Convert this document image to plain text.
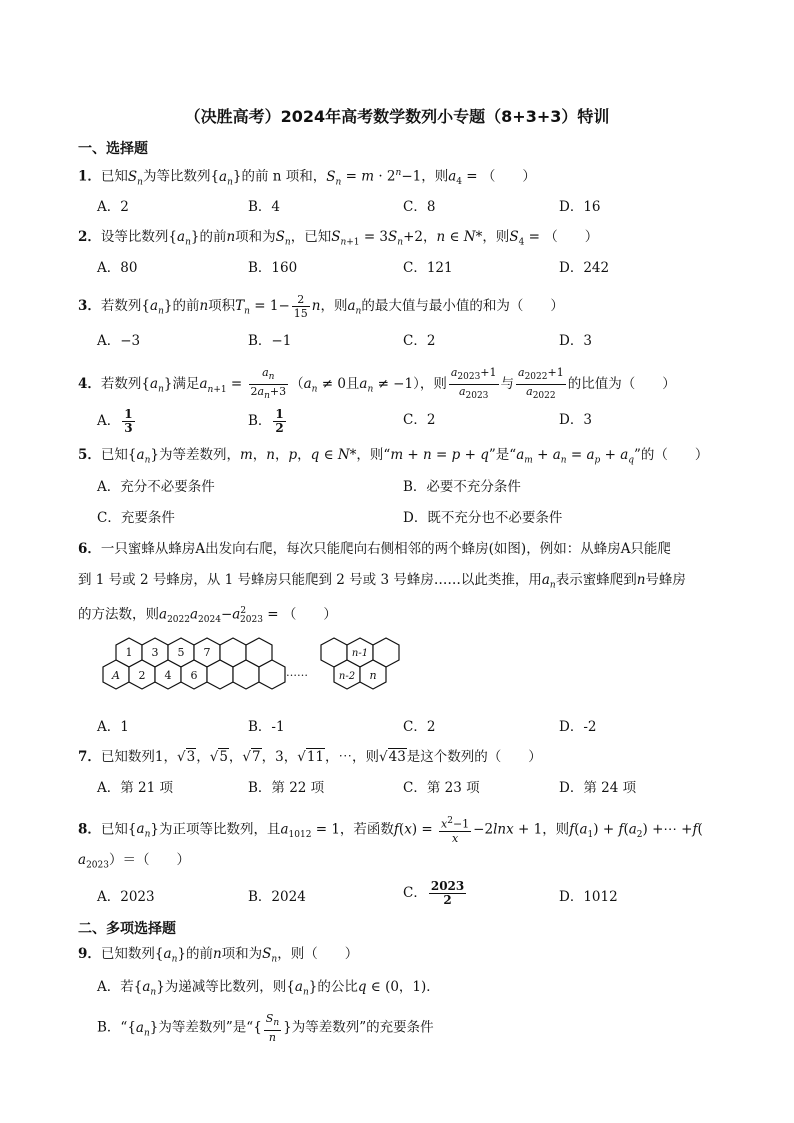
（决胜高考）2024年高考数学数列小专题（8+3+3）特训
一、选择题
1．已知$S_n$为等比数列$\{a_n\}$的前 n 项和，$S_n = m \cdot 2^n-1$，则$a_4$ = （　　）
A．2	B．4	C．8	D．16
2．设等比数列$\{a_n\}$的前n项和为$S_n$，已知$S_{n+1} = 3S_n+2$，n ∈ N*，则$S_4$ = （　　）
A．80	B．160	C．121	D．242
3．若数列$\{a_n\}$的前n项积$T_n = 1- \frac{2}{15}$ n，则$a_n$的最大值与最小值的和为（　　）
A．−3	B．−1	C．2	D．3
4．若数列$\{a_n\}$满足$a_{n+1} = \frac{a_n}{2a_n+3} (a_n \ne 0$且$a_n \ne -1$），则 $\frac{a_{2023}+1}{a_{2023}}$ 与 $\frac{a_{2022}+1}{a_{2022}}$ 的比值为（　　）
A． $\frac{1}{3}$	B． $\frac{1}{2}$	C．2	D．3
5．已知$\{a_n\}$为等差数列，m，n，p，q ∈ N*，则“m + n = p + q”是“$a_m + a_n = a_p + a_q$”的（　　）
A．充分不必要条件	B．必要不充分条件
C．充要条件	D．既不充分也不必要条件
6．一只蜜蜂从蜂房A出发向右爬，每次只能爬向右侧相邻的两个蜂房(如图)，例如：从蜂房A只能爬
到 1 号或 2 号蜂房，从 1 号蜂房只能爬到 2 号或 3 号蜂房……以此类推，用$a_n$表示蜜蜂爬到n号蜂房
的方法数，则$a_{2022}a_{2024}-a^2_{2023}$ = （　　）
1 3 5 7
A 2 4 6
n-1
n-2 n
……
A．1	B．-1	C．2	D．-2
7．已知数列1，√3，√5，√7，3，√11，⋯，则√43是这个数列的（　　）
A．第 21 项	B．第 22 项	C．第 23 项	D．第 24 项
8．已知$\{a_n\}$为正项等比数列，且$a_{1012} = 1$，若函数$f(x) = \frac{x^2-1}{x} -2\ln x + 1$，则$f(a_1) + f(a_2)$ +⋯ +f(
$a_{2023})=$（　　）
A．2023	B．2024	C． $\frac{2023}{2}$	D．1012
二、多项选择题
9．已知数列$\{a_n\}$的前n项和为$S_n$，则（　　）
A．若$\{a_n\}$为递减等比数列，则$\{a_n\}$的公比q ∈ (0，1)．
B．“$\{a_n\}$为等差数列”是“{ $\frac{S_n}{n}$ }为等差数列”的充要条件
